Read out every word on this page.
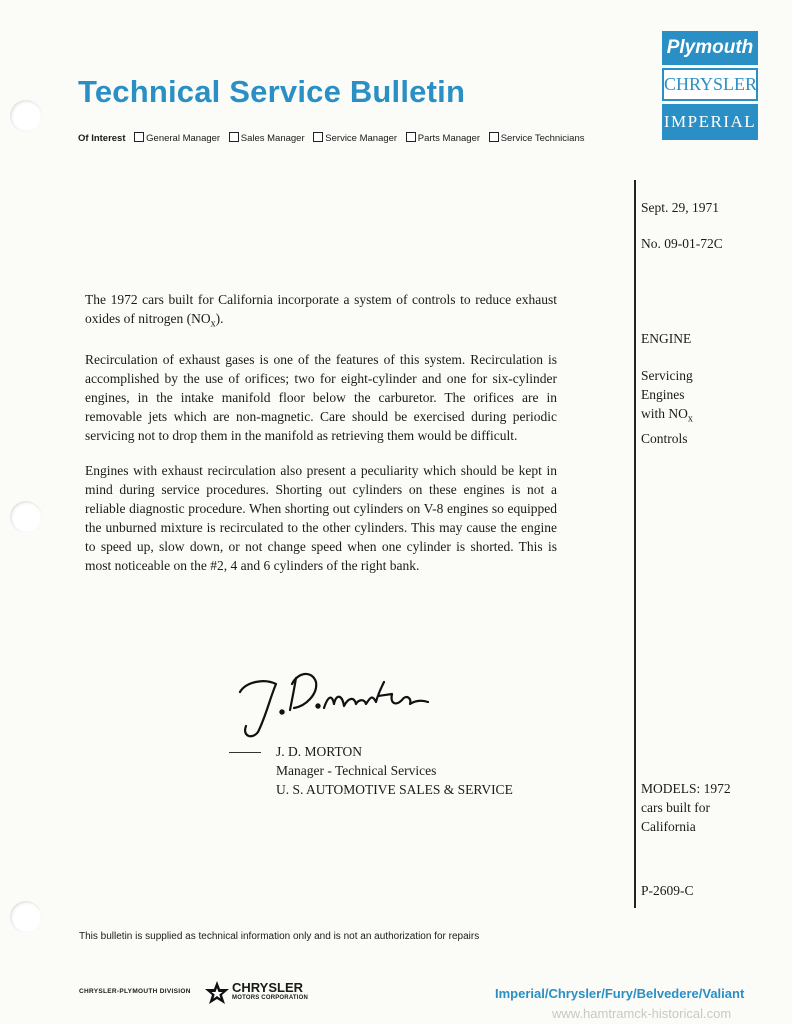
Technical Service Bulletin
Of Interest General Manager Sales Manager Service Manager Parts Manager Service Technicians
Plymouth
CHRYSLER
IMPERIAL
Sept. 29, 1971
No. 09-01-72C
ENGINE
Servicing
Engines
with $NO_x$
Controls
MODELS: 1972
cars built for
California
P-2609-C

The 1972 cars built for California incorporate a system of controls to reduce exhaust oxides of nitrogen $(NO_x)$.

Recirculation of exhaust gases is one of the features of this system. Recirculation is accomplished by the use of orifices; two for eight-cylinder and one for six-cylinder engines, in the intake manifold floor below the carburetor. The orifices are in removable jets which are non-magnetic. Care should be exercised during periodic servicing not to drop them in the manifold as retrieving them would be difficult.

Engines with exhaust recirculation also present a peculiarity which should be kept in mind during service procedures. Shorting out cylinders on these engines is not a reliable diagnostic procedure. When shorting out cylinders on V-8 engines so equipped the unburned mixture is recirculated to the other cylinders. This may cause the engine to speed up, slow down, or not change speed when one cylinder is shorted. This is most noticeable on the #2, 4 and 6 cylinders of the right bank.

J. D. MORTON
Manager - Technical Services
U. S. AUTOMOTIVE SALES & SERVICE
This bulletin is supplied as technical information only and is not an authorization for repairs
CHRYSLER-PLYMOUTH DIVISION	CHRYSLER
MOTORS CORPORATION	Imperial/Chrysler/Fury/Belvedere/Valiant
www.hamtramck-historical.com
